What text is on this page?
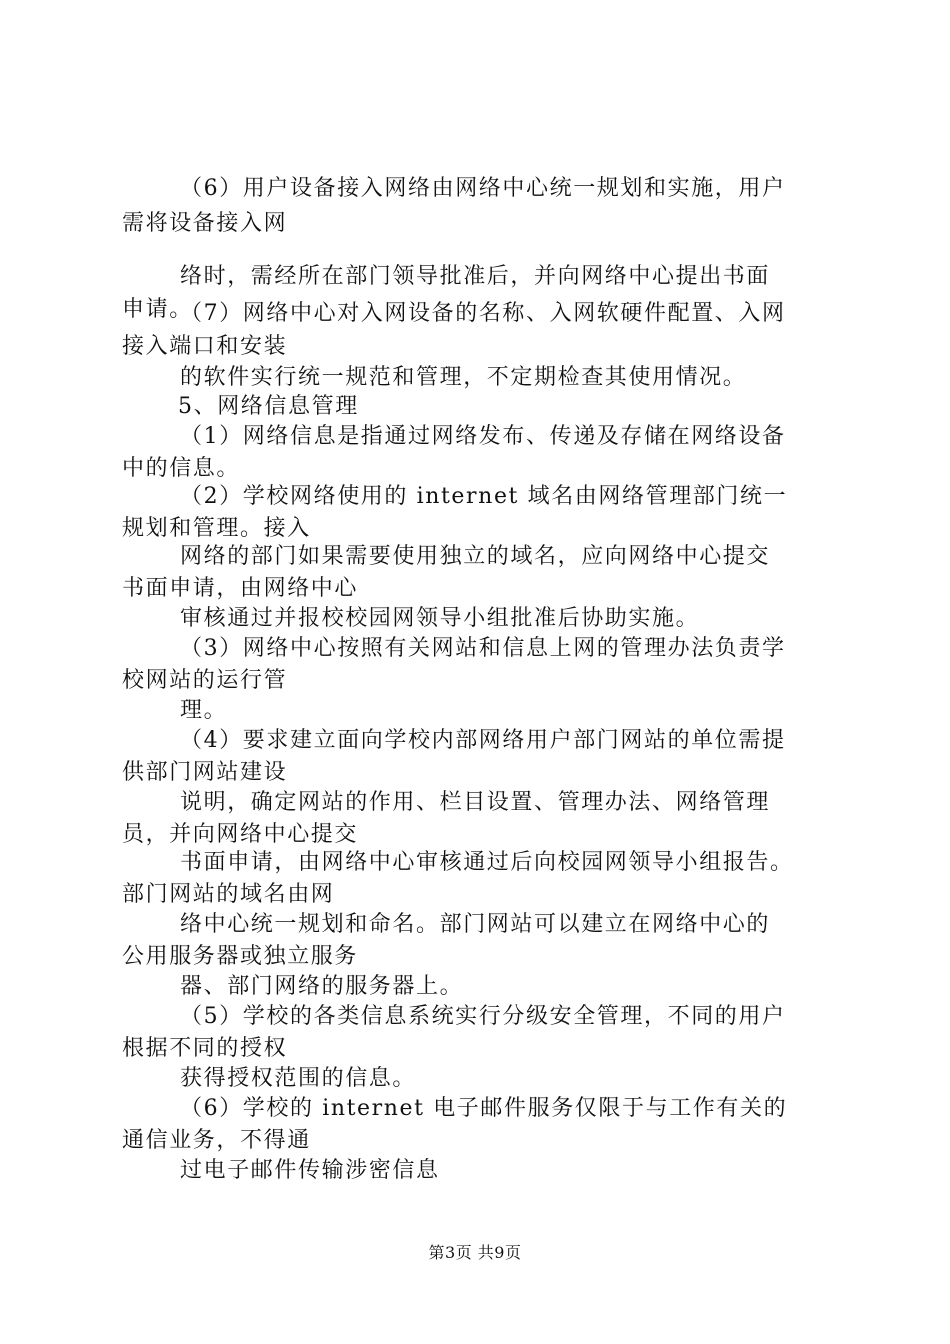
（6）用户设备接入网络由网络中心统一规划和实施，用户
需将设备接入网
络时，需经所在部门领导批准后，并向网络中心提出书面
申请。
（7）网络中心对入网设备的名称、入网软硬件配置、入网
接入端口和安装
的软件实行统一规范和管理，不定期检查其使用情况。
5、网络信息管理
（1）网络信息是指通过网络发布、传递及存储在网络设备
中的信息。
（2）学校网络使用的 internet 域名由网络管理部门统一
规划和管理。接入
网络的部门如果需要使用独立的域名，应向网络中心提交
书面申请，由网络中心
审核通过并报校校园网领导小组批准后协助实施。
（3）网络中心按照有关网站和信息上网的管理办法负责学
校网站的运行管
理。
（4）要求建立面向学校内部网络用户部门网站的单位需提
供部门网站建设
说明，确定网站的作用、栏目设置、管理办法、网络管理
员，并向网络中心提交
书面申请，由网络中心审核通过后向校园网领导小组报告。
部门网站的域名由网
络中心统一规划和命名。部门网站可以建立在网络中心的
公用服务器或独立服务
器、部门网络的服务器上。
（5）学校的各类信息系统实行分级安全管理，不同的用户
根据不同的授权
获得授权范围的信息。
（6）学校的 internet 电子邮件服务仅限于与工作有关的
通信业务，不得通
过电子邮件传输涉密信息
第3页 共9页
